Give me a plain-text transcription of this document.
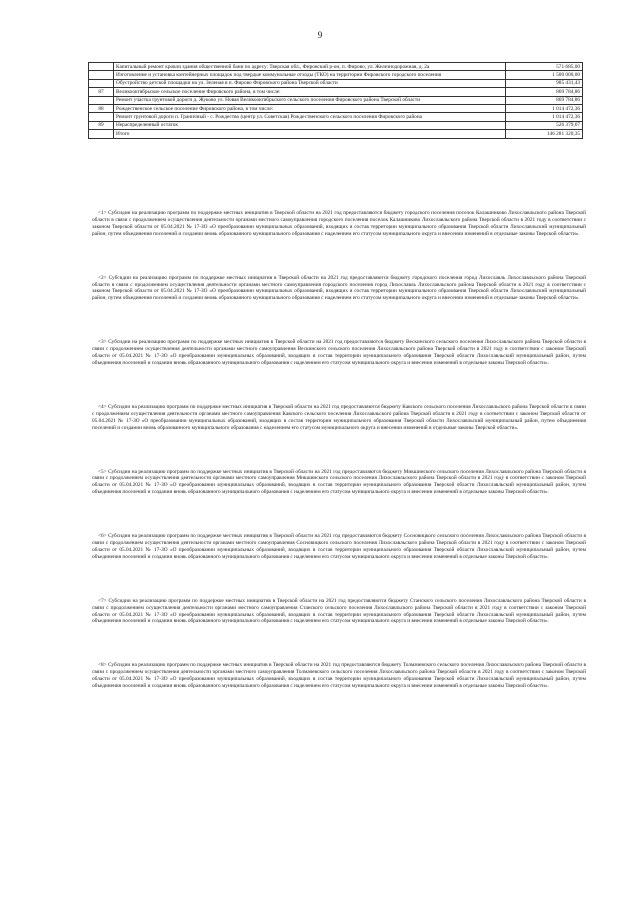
9
	Капитальный ремонт кровли здания общественной бани по адресу: Тверская обл., Фировский р-он, п. Фирово, ул. Железнодорожная, д. 2а	571 685,00
	Изготовление и установка контейнерных площадок под твердые коммунальные отходы (ТКО) на территории Фировского городского поселения	1 500 000,00
	Обустройство детской площадки на ул. Зеленая в п. Фирово Фировского района Тверской области	985 431,43
87	Великооктябрьское сельское поселение Фировского района, в том числе:	869 784,86
	Ремонт участка грунтовой дороги д. Жуково ул. Новая Великооктябрьского сельского поселения Фировского района Тверской области	869 784,86
88	Рождественское сельское поселение Фировского района, в том числе:	1 014 472,36
	Ремонт грунтовой дороги п. Граничный - с. Рождество (центр ул. Советская) Рождественского сельского поселения Фировского района	1 014 472,36
89	Нераспределенный остаток	526 379,67
	Итого	146 281 320,35

<1> Субсидии на реализацию программ по поддержке местных инициатив в Тверской области на 2021 год предоставляются бюджету городского поселения поселок Калашниково Лихославльского района Тверской области в связи с продолжением осуществления деятельности органами местного самоуправления городского поселения поселок Калашниково Лихославльского района Тверской области в 2021 году в соответствии с законом Тверской области от 05.04.2021 № 17-ЗО «О преобразовании муниципальных образований, входящих в состав территории муниципального образования Тверской области Лихославльский муниципальный район, путем объединения поселений и создании вновь образованного муниципального образования с наделением его статусом муниципального округа и внесении изменений в отдельные законы Тверской области».

<2> Субсидии на реализацию программ по поддержке местных инициатив в Тверской области на 2021 год предоставляются бюджету городского поселения город Лихославль Лихославльского района Тверской области в связи с продолжением осуществления деятельности органами местного самоуправления городского поселения город Лихославль Лихославльского района Тверской области в 2021 году в соответствии с законом Тверской области от 05.04.2021 № 17-ЗО «О преобразовании муниципальных образований, входящих в состав территории муниципального образования Тверской области Лихославльский муниципальный район, путем объединения поселений и создании вновь образованного муниципального образования с наделением его статусом муниципального округа и внесении изменений в отдельные законы Тверской области».

<3> Субсидии на реализацию программ по поддержке местных инициатив в Тверской области на 2021 год предоставляются бюджету Вескинского сельского поселения Лихославльского района Тверской области в связи с продолжением осуществления деятельности органами местного самоуправления Вескинского сельского поселения Лихославльского района Тверской области в 2021 году в соответствии с законом Тверской области от 05.04.2021 № 17-ЗО «О преобразовании муниципальных образований, входящих в состав территории муниципального образования Тверской области Лихославльский муниципальный район, путем объединения поселений и создании вновь образованного муниципального образования с наделением его статусом муниципального округа и внесении изменений в отдельные законы Тверской области».

<4> Субсидии на реализацию программ по поддержке местных инициатив в Тверской области на 2021 год предоставляются бюджету Кавского сельского поселения Лихославльского района Тверской области в связи с продолжением осуществления деятельности органами местного самоуправления Кавского сельского поселения Лихославльского района Тверской области в 2021 году в соответствии с законом Тверской области от 05.04.2021 № 17-ЗО «О преобразовании муниципальных образований, входящих в состав территории муниципального образования Тверской области Лихославльский муниципальный район, путем объединения поселений и создании вновь образованного муниципального образования с наделением его статусом муниципального округа и внесении изменений в отдельные законы Тверской области».

<5> Субсидии на реализацию программ по поддержке местных инициатив в Тверской области на 2021 год предоставляются бюджету Микшинского сельского поселения Лихославльского района Тверской области в связи с продолжением осуществления деятельности органами местного самоуправления Микшинского сельского поселения Лихославльского района Тверской области в 2021 году в соответствии с законом Тверской области от 05.04.2021 № 17-ЗО «О преобразовании муниципальных образований, входящих в состав территории муниципального образования Тверской области Лихославльский муниципальный район, путем объединения поселений и создании вновь образованного муниципального образования с наделением его статусом муниципального округа и внесении изменений в отдельные законы Тверской области».

<6> Субсидии на реализацию программ по поддержке местных инициатив в Тверской области на 2021 год предоставляются бюджету Сосновицкого сельского поселения Лихославльского района Тверской области в связи с продолжением осуществления деятельности органами местного самоуправления Сосновицкого сельского поселения Лихославльского района Тверской области в 2021 году в соответствии с законом Тверской области от 05.04.2021 № 17-ЗО «О преобразовании муниципальных образований, входящих в состав территории муниципального образования Тверской области Лихославльский муниципальный район, путем объединения поселений и создании вновь образованного муниципального образования с наделением его статусом муниципального округа и внесении изменений в отдельные законы Тверской области».

<7> Субсидии на реализацию программ по поддержке местных инициатив в Тверской области на 2021 год предоставляются бюджету Станского сельского поселения Лихославльского района Тверской области в связи с продолжением осуществления деятельности органами местного самоуправления Станского сельского поселения Лихославльского района Тверской области в 2021 году в соответствии с законом Тверской области от 05.04.2021 № 17-ЗО «О преобразовании муниципальных образований, входящих в состав территории муниципального образования Тверской области Лихославльский муниципальный район, путем объединения поселений и создании вновь образованного муниципального образования с наделением его статусом муниципального округа и внесении изменений в отдельные законы Тверской области».

<8> Субсидии на реализацию программ по поддержке местных инициатив в Тверской области на 2021 год предоставляются бюджету Толмачевского сельского поселения Лихославльского района Тверской области в связи с продолжением осуществления деятельности органами местного самоуправления Толмачевского сельского поселения Лихославльского района Тверской области в 2021 году в соответствии с законом Тверской области от 05.04.2021 № 17-ЗО «О преобразовании муниципальных образований, входящих в состав территории муниципального образования Тверской области Лихославльский муниципальный район, путем объединения поселений и создании вновь образованного муниципального образования с наделением его статусом муниципального округа и внесении изменений в отдельные законы Тверской области».
